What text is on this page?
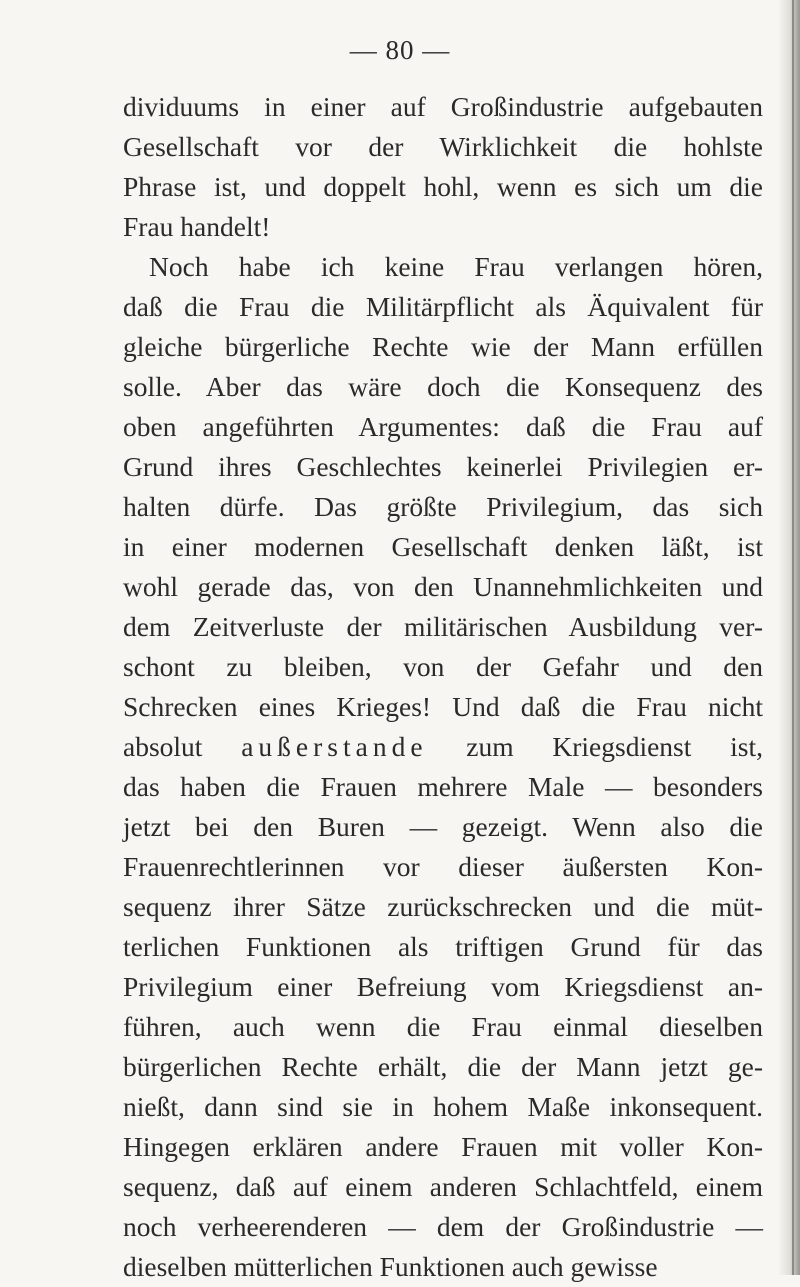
— 80 —
dividuums in einer auf Großindustrie aufgebauten
Gesellschaft vor der Wirklichkeit die hohlste
Phrase ist, und doppelt hohl, wenn es sich um die
Frau handelt!
Noch habe ich keine Frau verlangen hören,
daß die Frau die Militärpflicht als Äquivalent für
gleiche bürgerliche Rechte wie der Mann erfüllen
solle. Aber das wäre doch die Konsequenz des
oben angeführten Argumentes: daß die Frau auf
Grund ihres Geschlechtes keinerlei Privilegien er-
halten dürfe. Das größte Privilegium, das sich
in einer modernen Gesellschaft denken läßt, ist
wohl gerade das, von den Unannehmlichkeiten und
dem Zeitverluste der militärischen Ausbildung ver-
schont zu bleiben, von der Gefahr und den
Schrecken eines Krieges! Und daß die Frau nicht
absolut außerstande zum Kriegsdienst ist,
das haben die Frauen mehrere Male — besonders
jetzt bei den Buren — gezeigt. Wenn also die
Frauenrechtlerinnen vor dieser äußersten Kon-
sequenz ihrer Sätze zurückschrecken und die müt-
terlichen Funktionen als triftigen Grund für das
Privilegium einer Befreiung vom Kriegsdienst an-
führen, auch wenn die Frau einmal dieselben
bürgerlichen Rechte erhält, die der Mann jetzt ge-
nießt, dann sind sie in hohem Maße inkonsequent.
Hingegen erklären andere Frauen mit voller Kon-
sequenz, daß auf einem anderen Schlachtfeld, einem
noch verheerenderen — dem der Großindustrie —
dieselben mütterlichen Funktionen auch gewisse
